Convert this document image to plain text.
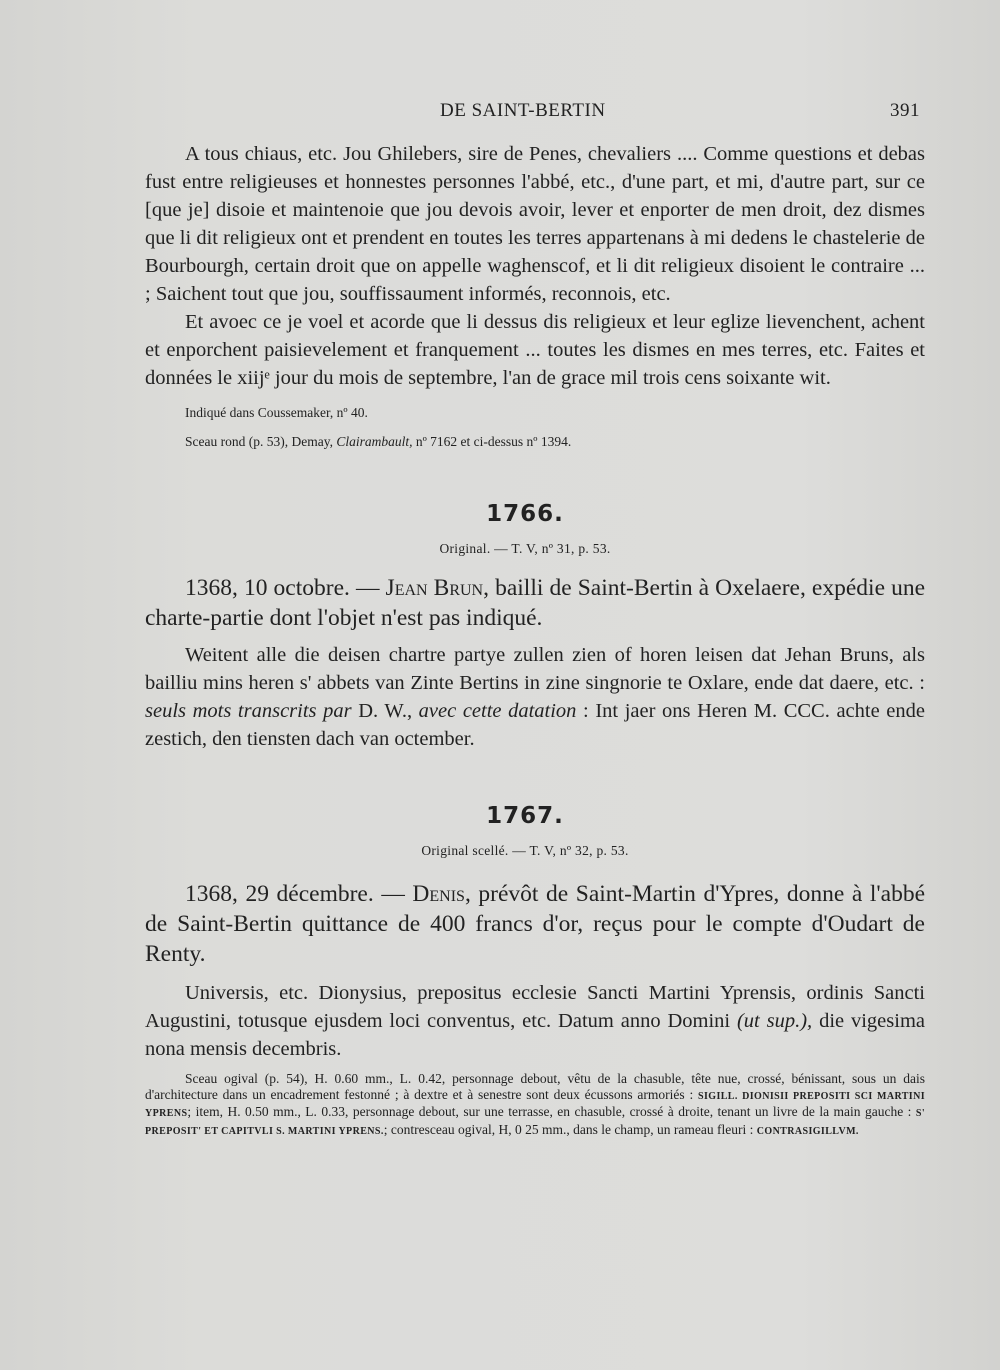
DE SAINT-BERTIN	391

A tous chiaus, etc. Jou Ghilebers, sire de Penes, chevaliers .... Comme questions et debas fust entre religieuses et honnestes personnes l'abbé, etc., d'une part, et mi, d'autre part, sur ce [que je] disoie et maintenoie que jou devois avoir, lever et enporter de men droit, dez dismes que li dit religieux ont et prendent en toutes les terres appartenans à mi dedens le chastelerie de Bourbourgh, certain droit que on appelle waghenscof, et li dit religieux disoient le contraire ... ; Saichent tout que jou, souffissaument informés, reconnois, etc.

Et avoec ce je voel et acorde que li dessus dis religieux et leur eglize lievenchent, achent et enporchent paisievelement et franquement ... toutes les dismes en mes terres, etc. Faites et données le xiijᵉ jour du mois de septembre, l'an de grace mil trois cens soixante wit.

Indiqué dans Coussemaker, nº 40.

Sceau rond (p. 53), Demay, Clairambault, nº 7162 et ci-dessus nº 1394.

1766.
Original. — T. V, nº 31, p. 53.

1368, 10 octobre. — Jean Brun, bailli de Saint-Bertin à Oxelaere, expédie une charte-partie dont l'objet n'est pas indiqué.

Weitent alle die deisen chartre partye zullen zien of horen leisen dat Jehan Bruns, als bailliu mins heren s' abbets van Zinte Bertins in zine singnorie te Oxlare, ende dat daere, etc. : seuls mots transcrits par D. W., avec cette datation : Int jaer ons Heren M. CCC. achte ende zestich, den tiensten dach van octember.

1767.
Original scellé. — T. V, nº 32, p. 53.

1368, 29 décembre. — Denis, prévôt de Saint-Martin d'Ypres, donne à l'abbé de Saint-Bertin quittance de 400 francs d'or, reçus pour le compte d'Oudart de Renty.

Universis, etc. Dionysius, prepositus ecclesie Sancti Martini Yprensis, ordinis Sancti Augustini, totusque ejusdem loci conventus, etc. Datum anno Domini (ut sup.), die vigesima nona mensis decembris.

Sceau ogival (p. 54), H. 0.60 mm., L. 0.42, personnage debout, vêtu de la chasuble, tête nue, crossé, bénissant, sous un dais d'architecture dans un encadrement festonné ; à dextre et à senestre sont deux écussons armoriés : SIGILL. DIONISII PREPOSITI SCI MARTINI YPRENS; item, H. 0.50 mm., L. 0.33, personnage debout, sur une terrasse, en chasuble, crossé à droite, tenant un livre de la main gauche : S' PREPOSIT' ET CAPITVLI S. MARTINI YPRENS.; contresceau ogival, H, 0 25 mm., dans le champ, un rameau fleuri : CONTRASIGILLVM.
